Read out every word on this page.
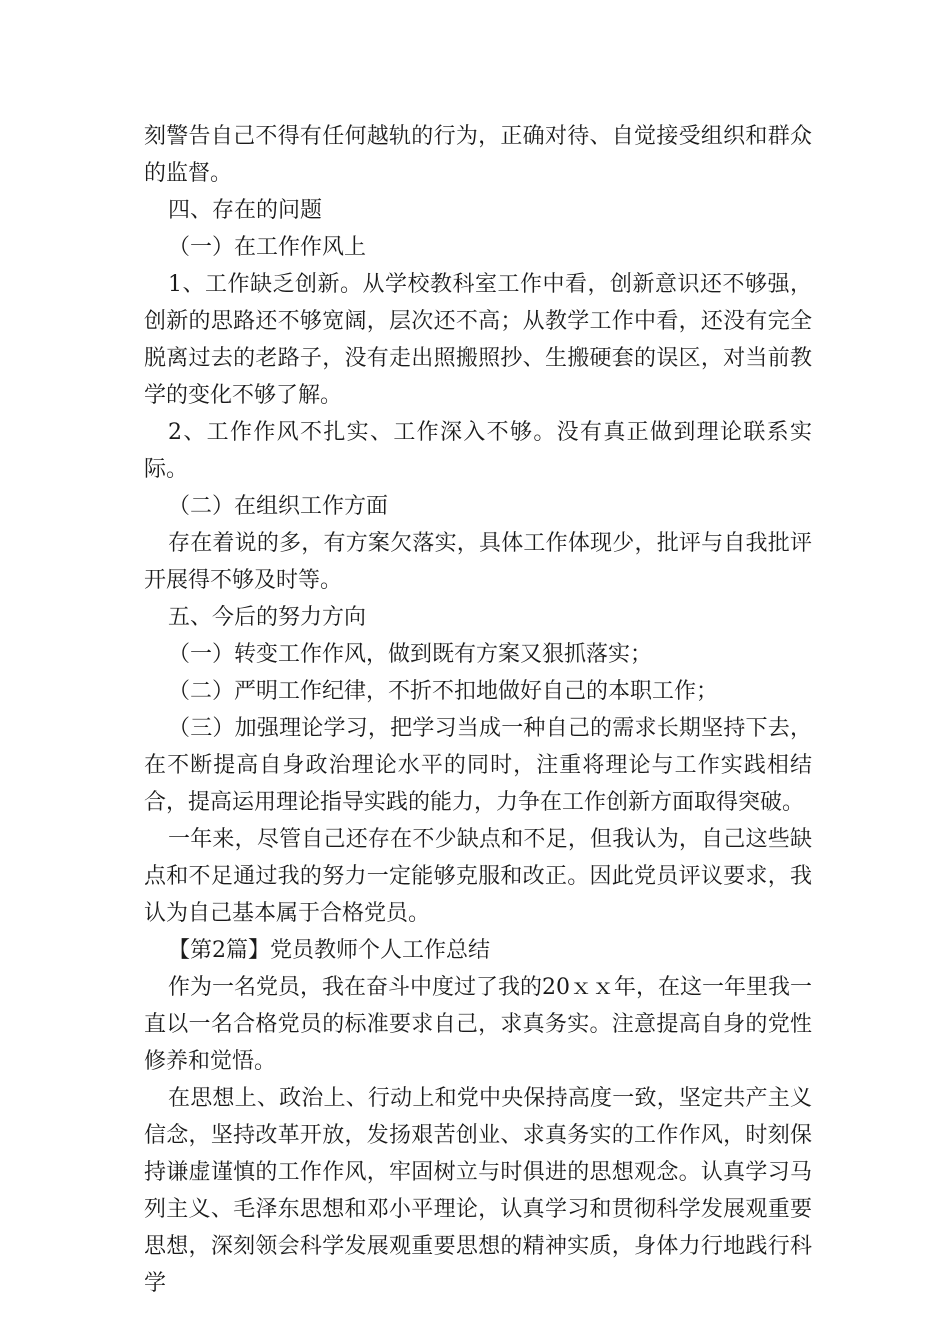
刻警告自己不得有任何越轨的行为，正确对待、自觉接受组织和群众的监督。

四、存在的问题

（一）在工作作风上

1、工作缺乏创新。从学校教科室工作中看，创新意识还不够强，创新的思路还不够宽阔，层次还不高；从教学工作中看，还没有完全脱离过去的老路子，没有走出照搬照抄、生搬硬套的误区，对当前教学的变化不够了解。

2、工作作风不扎实、工作深入不够。没有真正做到理论联系实际。

（二）在组织工作方面

存在着说的多，有方案欠落实，具体工作体现少，批评与自我批评开展得不够及时等。

五、今后的努力方向

（一）转变工作作风，做到既有方案又狠抓落实；

（二）严明工作纪律，不折不扣地做好自己的本职工作；

（三）加强理论学习，把学习当成一种自己的需求长期坚持下去，在不断提高自身政治理论水平的同时，注重将理论与工作实践相结合，提高运用理论指导实践的能力，力争在工作创新方面取得突破。

一年来，尽管自己还存在不少缺点和不足，但我认为，自己这些缺点和不足通过我的努力一定能够克服和改正。因此党员评议要求，我认为自己基本属于合格党员。

【第2篇】党员教师个人工作总结

作为一名党员，我在奋斗中度过了我的20ｘｘ年，在这一年里我一直以一名合格党员的标准要求自己，求真务实。注意提高自身的党性修养和觉悟。

在思想上、政治上、行动上和党中央保持高度一致，坚定共产主义信念，坚持改革开放，发扬艰苦创业、求真务实的工作作风，时刻保持谦虚谨慎的工作作风，牢固树立与时俱进的思想观念。认真学习马列主义、毛泽东思想和邓小平理论，认真学习和贯彻科学发展观重要思想，深刻领会科学发展观重要思想的精神实质，身体力行地践行科学
